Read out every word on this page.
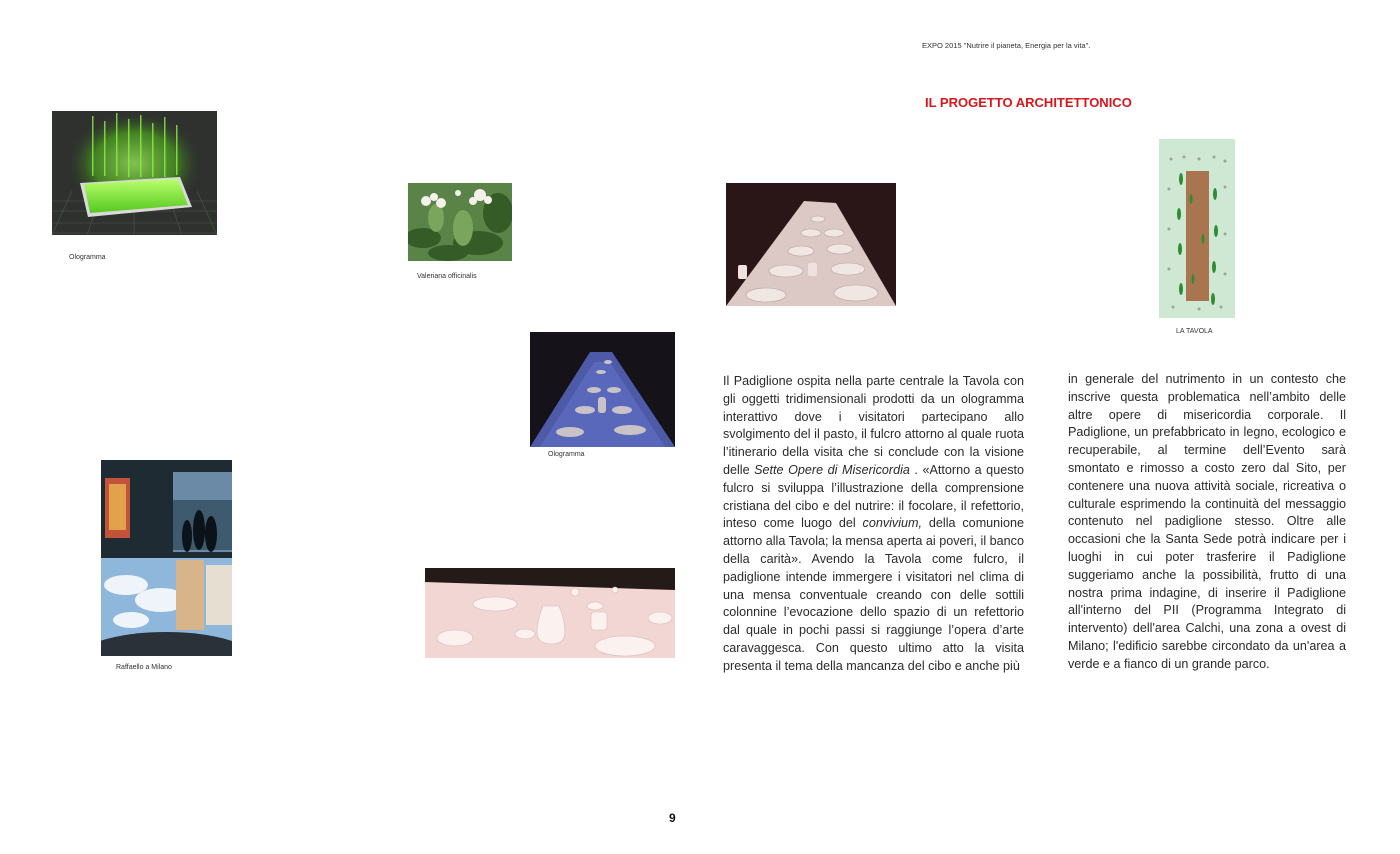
EXPO 2015 "Nutrire il pianeta, Energia per la vita".
IL PROGETTO ARCHITETTONICO
Ologramma
Valeriana officinalis
LA TAVOLA
Ologramma
Raffaello a Milano

Il Padiglione ospita nella parte centrale la Tavola con gli oggetti tridimensionali prodotti da un ologramma interattivo dove i visitatori partecipano allo svolgimento del il pasto, il fulcro attorno al quale ruota l’itinerario della visita che si conclude con la visione delle Sette Opere di Misericordia . «Attorno a questo fulcro si sviluppa l’illustrazione della comprensione cristiana del cibo e del nutrire: il focolare, il refettorio, inteso come luogo del convivium, della comunione attorno alla Tavola; la mensa aperta ai poveri, il banco della carità». Avendo la Tavola come fulcro, il padiglione intende immergere i visitatori nel clima di una mensa conventuale creando con delle sottili colonnine l’evocazione dello spazio di un refettorio dal quale in pochi passi si raggiunge l’opera d’arte caravaggesca. Con questo ultimo atto la visita presenta il tema della mancanza del cibo e anche più

in generale del nutrimento in un contesto che inscrive questa problematica nell’ambito delle altre opere di misericordia corporale. Il Padiglione, un prefabbricato in legno, ecologico e recuperabile, al termine dell’Evento sarà smontato e rimosso a costo zero dal Sito, per contenere una nuova attività sociale, ricreativa o culturale esprimendo la continuità del messaggio contenuto nel padiglione stesso. Oltre alle occasioni che la Santa Sede potrà indicare per i luoghi in cui poter trasferire il Padiglione suggeriamo anche la possibilità, frutto di una nostra prima indagine, di inserire il Padiglione all'interno del PII (Programma Integrato di intervento) dell'area Calchi, una zona a ovest di Milano; l'edificio sarebbe circondato da un'area a verde e a fianco di un grande parco.

9
